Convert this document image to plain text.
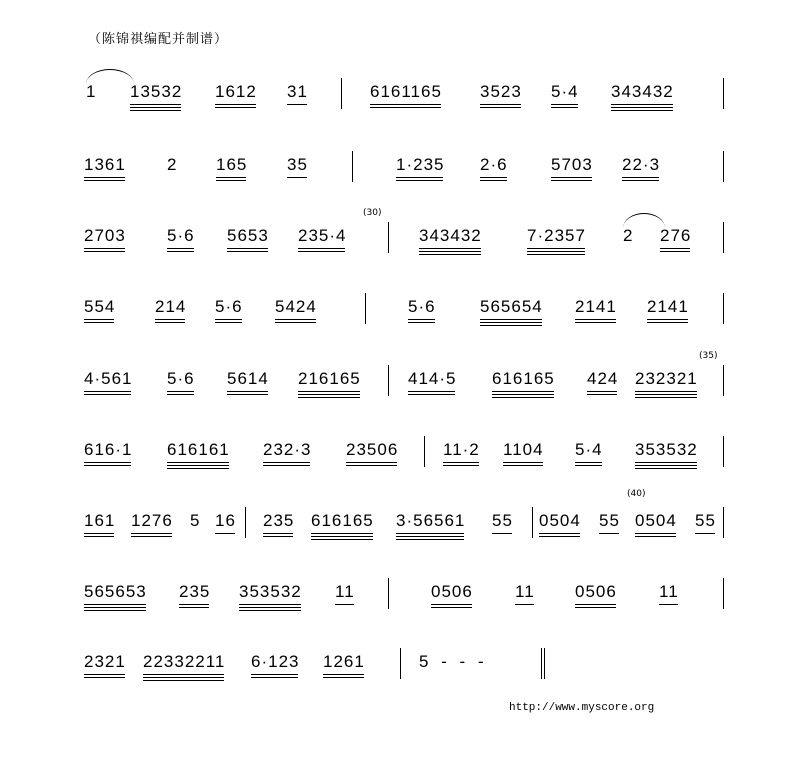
（陈锦祺编配并制谱）
1 13532 1612 31	6161165 3523 5·4 343432
1361 2 165 35	1·235 2·6	5703 22·3
2703 5·6 5653 235·4
(30)
343432	7·2357 2 276
554 214 5·6 5424	5·6	565654 2141 2141
4·561 5·6 5614 216165	414·5 616165 424 232321
(35)
616·1 616161 232·3 23506	11·2 1104 5·4 353532
161 1276 5 16 235 616165 3·56561 55 0504 55
(40)
0504 55
565653 235 353532 11	0506 11 0506 11
2321 22332211 6·123 1261	5 - - -
http://www.myscore.org
